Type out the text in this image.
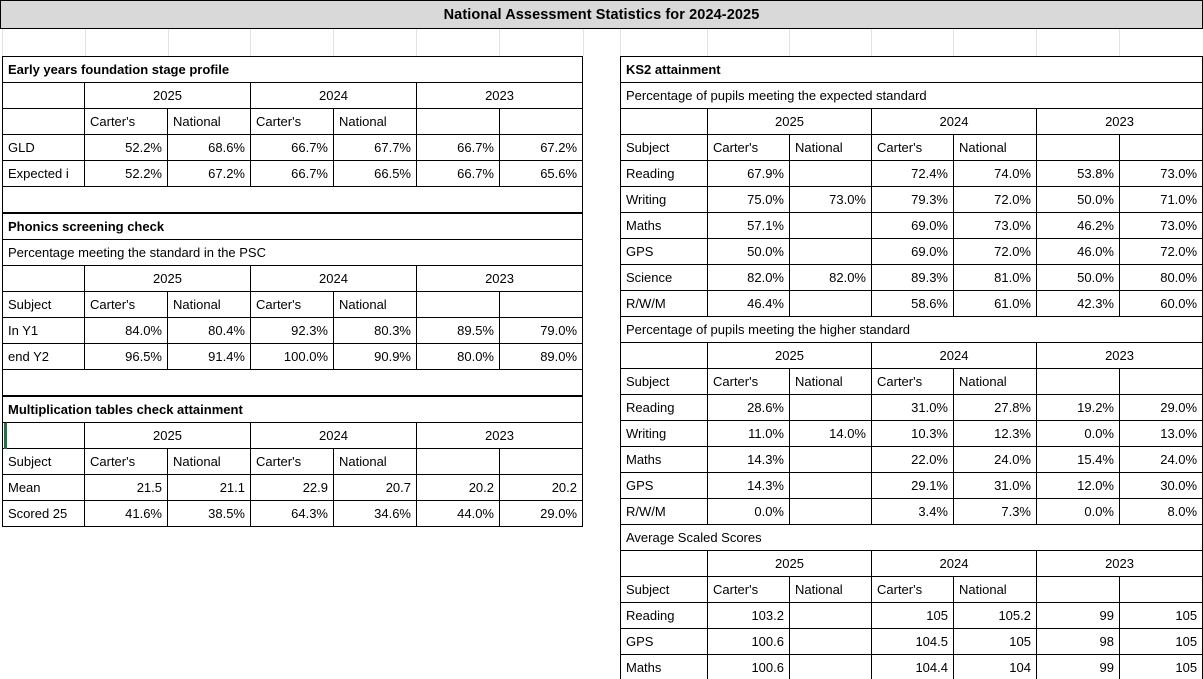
National Assessment Statistics for 2024-2025
Early years foundation stage profile						
	2025		2024		2023	
	Carter's	National	Carter's	National		
GLD	52.2%	68.6%	66.7%	67.7%	66.7%	67.2%
Expected i	52.2%	67.2%	66.7%	66.5%	66.7%	65.6%

Phonics screening check						
Percentage meeting the standard in the PSC						
	2025		2024		2023	
Subject	Carter's	National	Carter's	National		
In Y1	84.0%	80.4%	92.3%	80.3%	89.5%	79.0%
end Y2	96.5%	91.4%	100.0%	90.9%	80.0%	89.0%

Multiplication tables check attainment						
	2025		2024		2023	
Subject	Carter's	National	Carter's	National		
Mean	21.5	21.1	22.9	20.7	20.2	20.2
Scored 25	41.6%	38.5%	64.3%	34.6%	44.0%	29.0%
KS2 attainment						
Percentage of pupils meeting the expected standard						
	2025		2024		2023	
Subject	Carter's	National	Carter's	National		
Reading	67.9%		72.4%	74.0%	53.8%	73.0%
Writing	75.0%	73.0%	79.3%	72.0%	50.0%	71.0%
Maths	57.1%		69.0%	73.0%	46.2%	73.0%
GPS	50.0%		69.0%	72.0%	46.0%	72.0%
Science	82.0%	82.0%	89.3%	81.0%	50.0%	80.0%
R/W/M	46.4%		58.6%	61.0%	42.3%	60.0%
Percentage of pupils meeting the higher standard						
	2025		2024		2023	
Subject	Carter's	National	Carter's	National		
Reading	28.6%		31.0%	27.8%	19.2%	29.0%
Writing	11.0%	14.0%	10.3%	12.3%	0.0%	13.0%
Maths	14.3%		22.0%	24.0%	15.4%	24.0%
GPS	14.3%		29.1%	31.0%	12.0%	30.0%
R/W/M	0.0%		3.4%	7.3%	0.0%	8.0%
Average Scaled Scores						
	2025		2024		2023	
Subject	Carter's	National	Carter's	National		
Reading	103.2		105	105.2	99	105
GPS	100.6		104.5	105	98	105
Maths	100.6		104.4	104	99	105
